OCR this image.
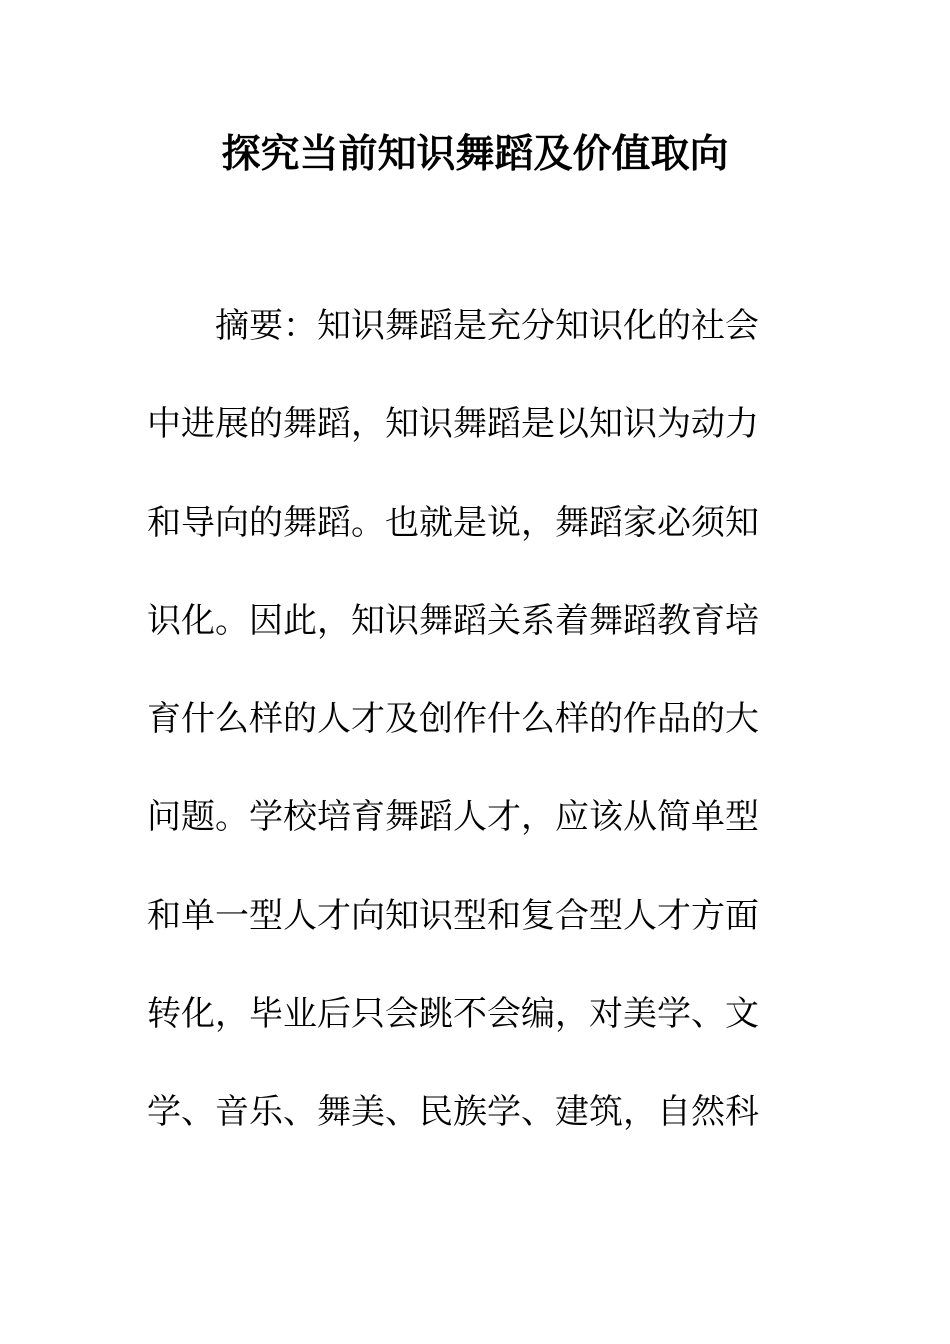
探究当前知识舞蹈及价值取向
摘要：知识舞蹈是充分知识化的社会
中进展的舞蹈，知识舞蹈是以知识为动力
和导向的舞蹈。也就是说，舞蹈家必须知
识化。因此，知识舞蹈关系着舞蹈教育培
育什么样的人才及创作什么样的作品的大
问题。学校培育舞蹈人才，应该从简单型
和单一型人才向知识型和复合型人才方面
转化，毕业后只会跳不会编，对美学、文
学、音乐、舞美、民族学、建筑，自然科
